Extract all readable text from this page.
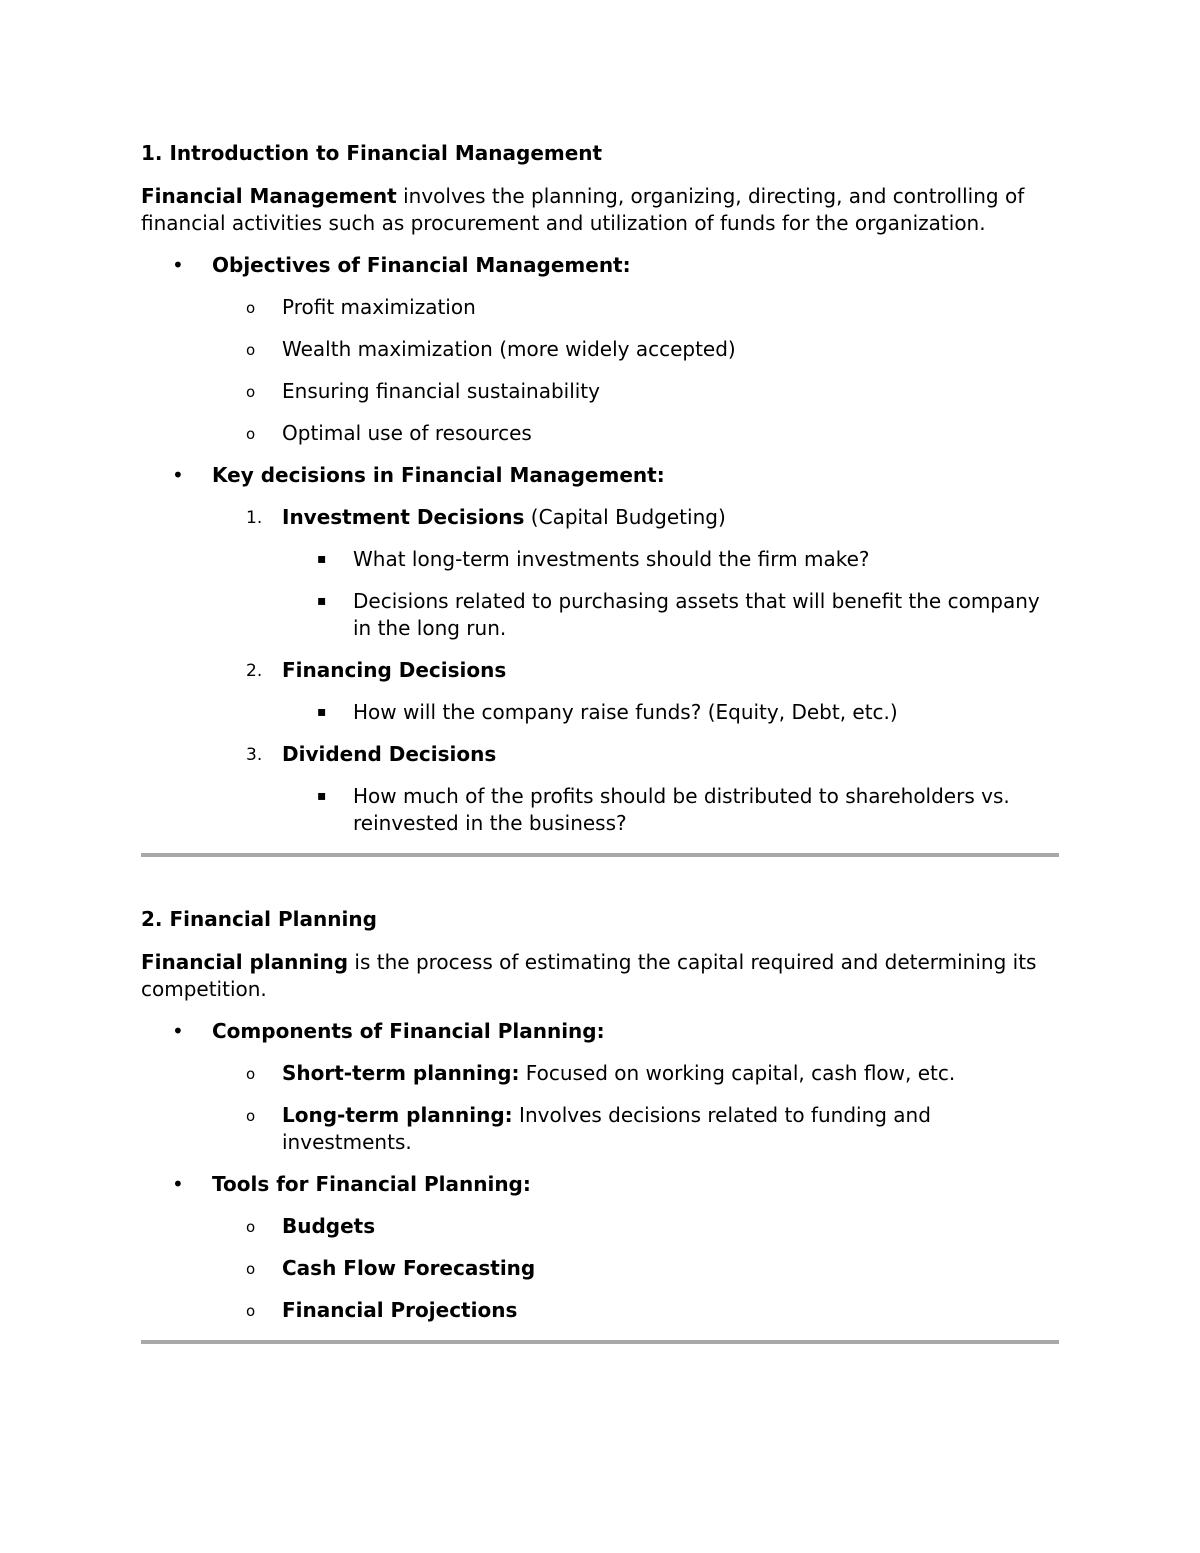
1. Introduction to Financial Management
Financial Management involves the planning, organizing, directing, and controlling of financial activities such as procurement and utilization of funds for the organization.
• Objectives of Financial Management:
o Profit maximization
o Wealth maximization (more widely accepted)
o Ensuring financial sustainability
o Optimal use of resources
• Key decisions in Financial Management:
1. Investment Decisions (Capital Budgeting)
▪ What long-term investments should the firm make?
▪ Decisions related to purchasing assets that will benefit the company in the long run.
2. Financing Decisions
▪ How will the company raise funds? (Equity, Debt, etc.)
3. Dividend Decisions
▪ How much of the profits should be distributed to shareholders vs. reinvested in the business?
2. Financial Planning
Financial planning is the process of estimating the capital required and determining its competition.
• Components of Financial Planning:
o Short-term planning: Focused on working capital, cash flow, etc.
o Long-term planning: Involves decisions related to funding and investments.
• Tools for Financial Planning:
o Budgets
o Cash Flow Forecasting
o Financial Projections
